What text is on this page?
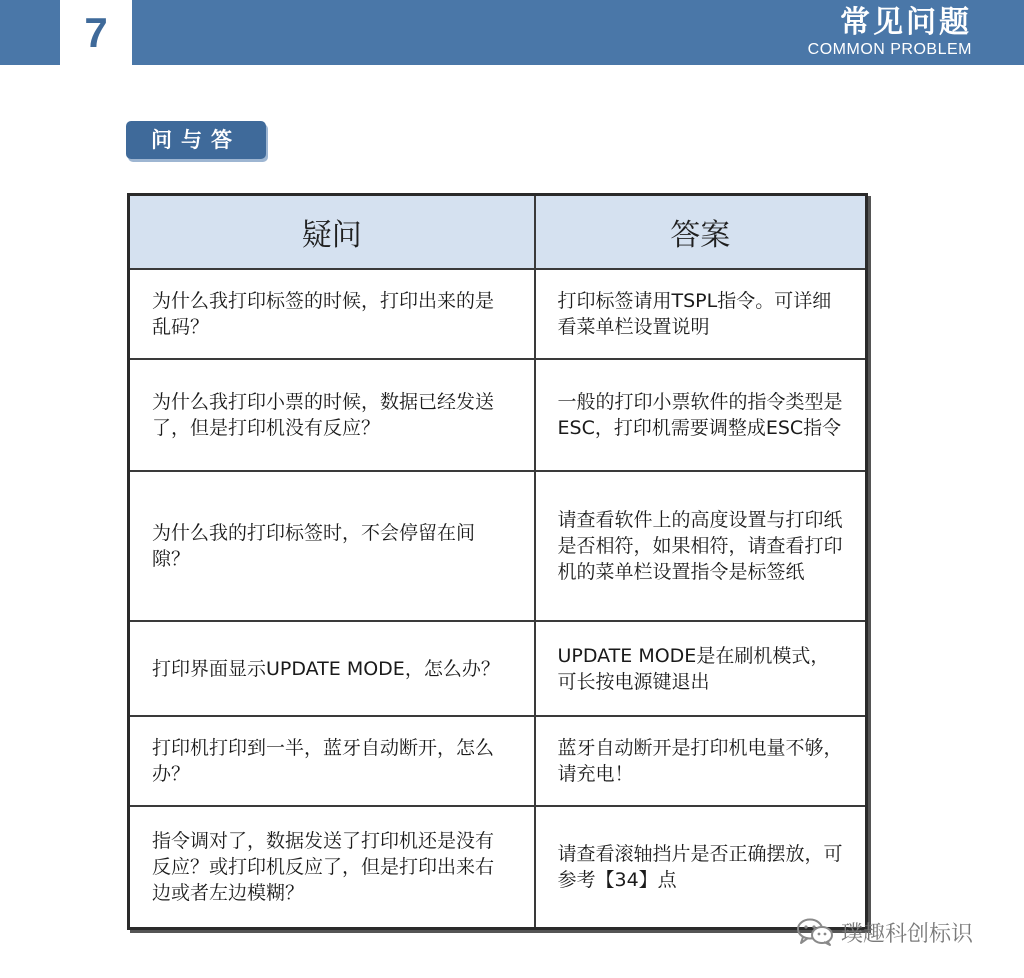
7	常见问题
COMMON PROBLEM
问与答
疑问	答案
为什么我打印标签的时候，打印出来的是乱码？	打印标签请用TSPL指令。可详细看菜单栏设置说明
为什么我打印小票的时候，数据已经发送了，但是打印机没有反应？	一般的打印小票软件的指令类型是ESC，打印机需要调整成ESC指令
为什么我的打印标签时，不会停留在间隙？	请查看软件上的高度设置与打印纸是否相符，如果相符，请查看打印机的菜单栏设置指令是标签纸
打印界面显示UPDATE MODE，怎么办？	UPDATE MODE是在刷机模式，可长按电源键退出
打印机打印到一半，蓝牙自动断开，怎么办？	蓝牙自动断开是打印机电量不够，请充电！
指令调对了，数据发送了打印机还是没有反应？或打印机反应了，但是打印出来右边或者左边模糊？	请查看滚轴挡片是否正确摆放，可参考【34】点
璞趣科创标识
